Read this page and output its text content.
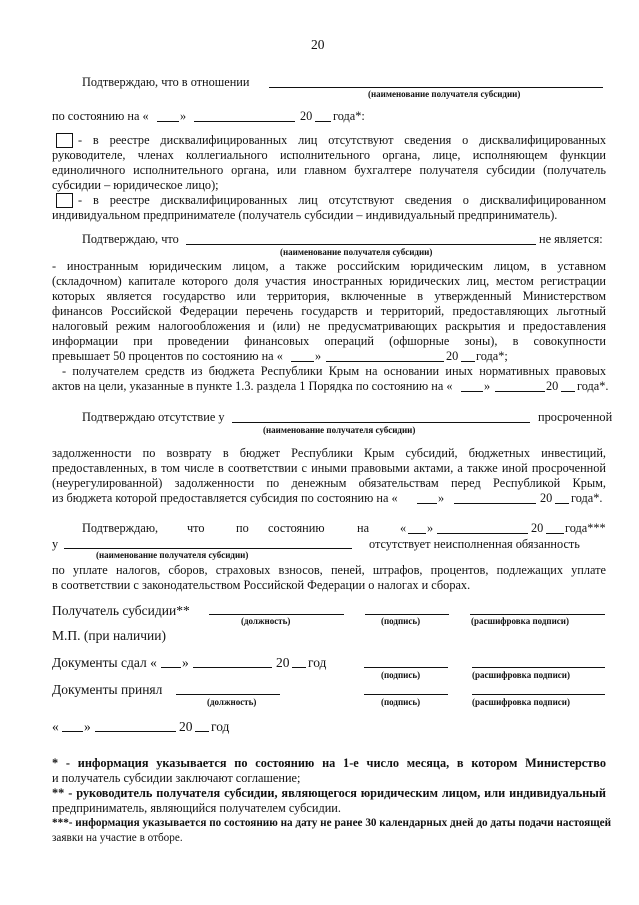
20
Подтверждаю, что в отношении
(наименование получателя субсидии)
по состоянию на «	»	20 года*:
- в реестре дисквалифицированных лиц отсутствуют сведения о дисквалифицированных
руководителе, членах коллегиального исполнительного органа, лице, исполняющем функции
единоличного исполнительного органа, или главном бухгалтере получателя субсидии (получатель
субсидии – юридическое лицо);
- в реестре дисквалифицированных лиц отсутствуют сведения о дисквалифицированном
индивидуальном предпринимателе (получатель субсидии – индивидуальный предприниматель).
Подтверждаю, что	не является:
(наименование получателя субсидии)
- иностранным юридическим лицом, а также российским юридическим лицом, в уставном
(складочном) капитале которого доля участия иностранных юридических лиц, местом регистрации
которых является государство или территория, включенные в утвержденный Министерством
финансов Российской Федерации перечень государств и территорий, предоставляющих льготный
налоговый режим налогообложения и (или) не предусматривающих раскрытия и предоставления
информации при проведении финансовых операций (офшорные зоны), в совокупности
превышает 50 процентов по состоянию на «	»	20 года*;
- получателем средств из бюджета Республики Крым на основании иных нормативных правовых
актов на цели, указанные в пункте 1.3. раздела 1 Порядка по состоянию на «	»	20 года*.
Подтверждаю отсутствие у	просроченной
(наименование получателя субсидии)
задолженности по возврату в бюджет Республики Крым субсидий, бюджетных инвестиций,
предоставленных, в том числе в соответствии с иными правовыми актами, а также иной просроченной
(неурегулированной) задолженности по денежным обязательствам перед Республикой Крым,
из бюджета которой предоставляется субсидия по состоянию на «	»	20 года*.
Подтверждаю, что	по состоянию	на	« »	20 года***
у	отсутствует неисполненная обязанность
(наименование получателя субсидии)
по уплате налогов, сборов, страховых взносов, пеней, штрафов, процентов, подлежащих уплате
в соответствии с законодательством Российской Федерации о налогах и сборах.
Получатель субсидии**
(должность)	(подпись)	(расшифровка подписи)
М.П. (при наличии)
Документы сдал « »	20 год
(подпись)	(расшифровка подписи)
Документы принял
(должность)	(подпись)	(расшифровка подписи)
« »	20 год
* - информация указывается по состоянию на 1-е число месяца, в котором Министерство
и получатель субсидии заключают соглашение;
** - руководитель получателя субсидии, являющегося юридическим лицом, или индивидуальный
предприниматель, являющийся получателем субсидии.
***- информация указывается по состоянию на дату не ранее 30 календарных дней до даты подачи настоящей
заявки на участие в отборе.
